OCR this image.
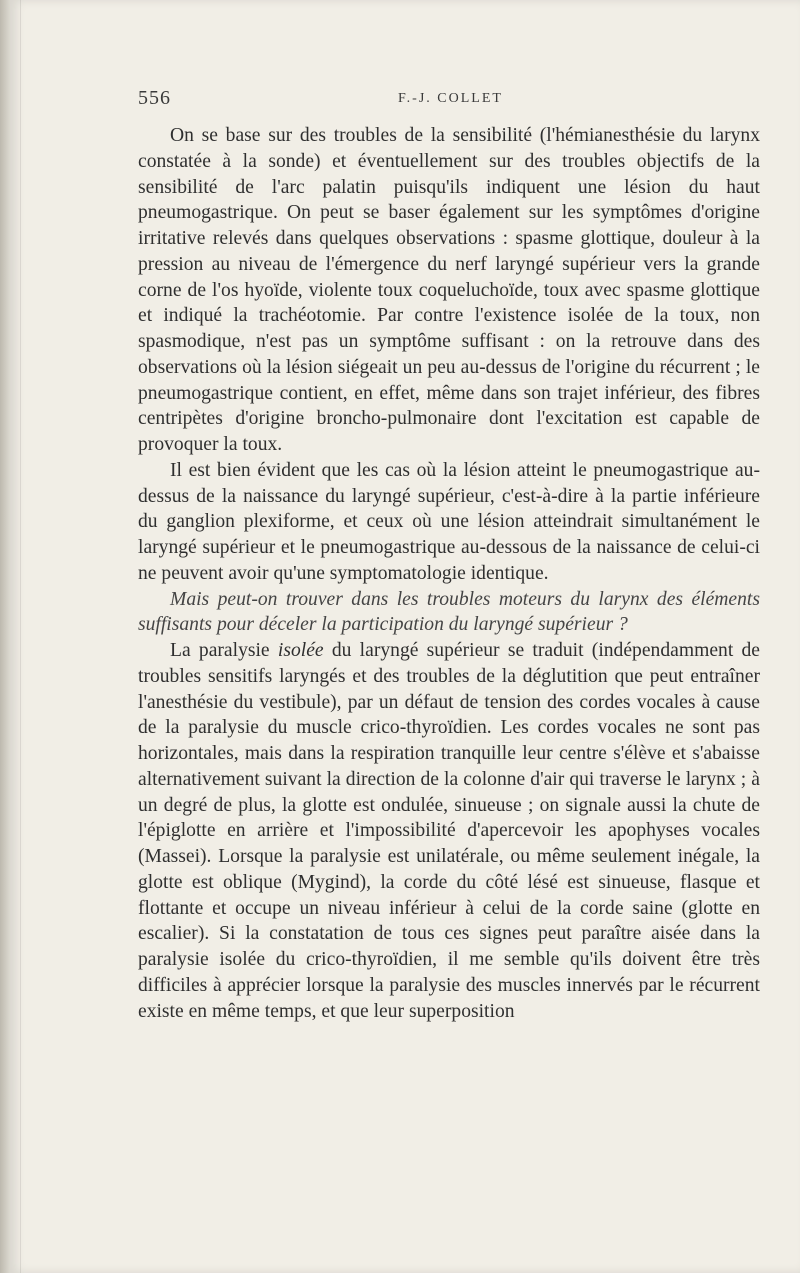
556	F.-J. COLLET

On se base sur des troubles de la sensibilité (l'hémianesthésie du larynx constatée à la sonde) et éventuellement sur des troubles objectifs de la sensibilité de l'arc palatin puisqu'ils indiquent une lésion du haut pneumogastrique. On peut se baser également sur les symptômes d'origine irritative relevés dans quelques observations : spasme glottique, douleur à la pression au niveau de l'émergence du nerf laryngé supérieur vers la grande corne de l'os hyoïde, violente toux coqueluchoïde, toux avec spasme glottique et indiqué la trachéotomie. Par contre l'existence isolée de la toux, non spasmodique, n'est pas un symptôme suffisant : on la retrouve dans des observations où la lésion siégeait un peu au-dessus de l'origine du récurrent ; le pneumogastrique contient, en effet, même dans son trajet inférieur, des fibres centripètes d'origine broncho-pulmonaire dont l'excitation est capable de provoquer la toux.

Il est bien évident que les cas où la lésion atteint le pneumogastrique au-dessus de la naissance du laryngé supérieur, c'est-à-dire à la partie inférieure du ganglion plexiforme, et ceux où une lésion atteindrait simultanément le laryngé supérieur et le pneumogastrique au-dessous de la naissance de celui-ci ne peuvent avoir qu'une symptomatologie identique.

Mais peut-on trouver dans les troubles moteurs du larynx des éléments suffisants pour déceler la participation du laryngé supérieur ?

La paralysie isolée du laryngé supérieur se traduit (indépendamment de troubles sensitifs laryngés et des troubles de la déglutition que peut entraîner l'anesthésie du vestibule), par un défaut de tension des cordes vocales à cause de la paralysie du muscle crico-thyroïdien. Les cordes vocales ne sont pas horizontales, mais dans la respiration tranquille leur centre s'élève et s'abaisse alternativement suivant la direction de la colonne d'air qui traverse le larynx ; à un degré de plus, la glotte est ondulée, sinueuse ; on signale aussi la chute de l'épiglotte en arrière et l'impossibilité d'apercevoir les apophyses vocales (Massei). Lorsque la paralysie est unilatérale, ou même seulement inégale, la glotte est oblique (Mygind), la corde du côté lésé est sinueuse, flasque et flottante et occupe un niveau inférieur à celui de la corde saine (glotte en escalier). Si la constatation de tous ces signes peut paraître aisée dans la paralysie isolée du crico-thyroïdien, il me semble qu'ils doivent être très difficiles à apprécier lorsque la paralysie des muscles innervés par le récurrent existe en même temps, et que leur superposition
